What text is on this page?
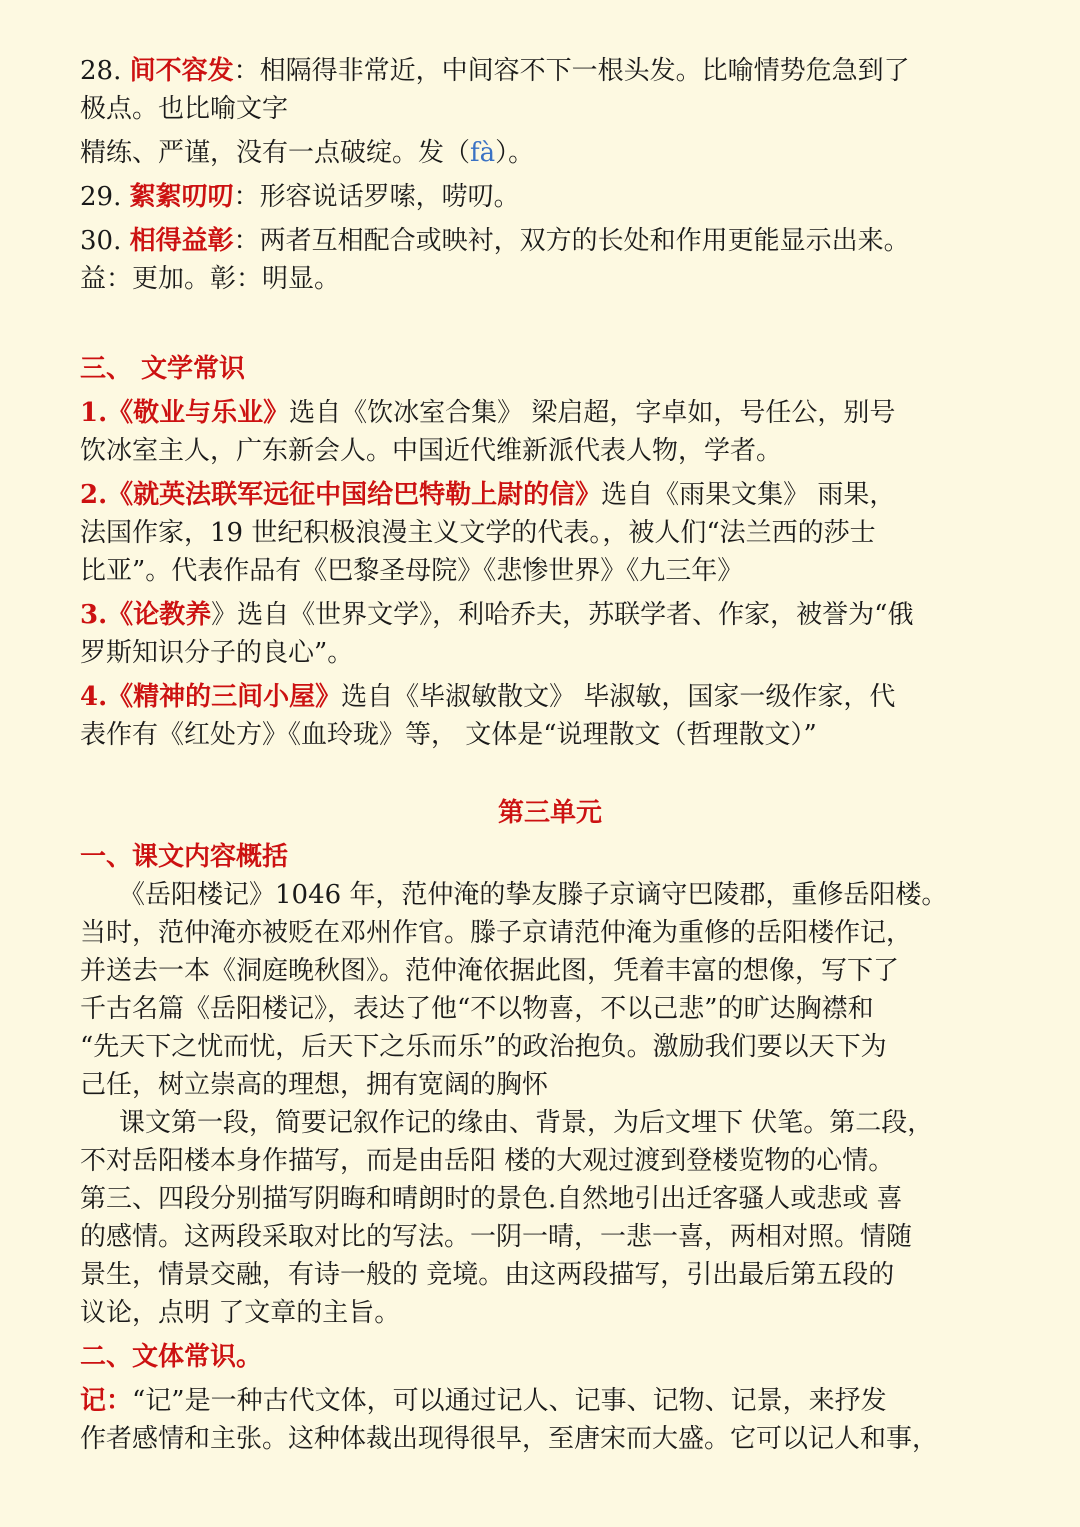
28. 间不容发：相隔得非常近，中间容不下一根头发。比喻情势危急到了
极点。也比喻文字
精练、严谨，没有一点破绽。发（fà）。
29. 絮絮叨叨：形容说话罗嗦，唠叨。
30. 相得益彰：两者互相配合或映衬，双方的长处和作用更能显示出来。
益：更加。彰：明显。
三、 文学常识
1.《敬业与乐业》选自《饮冰室合集》 梁启超，字卓如，号任公，别号
饮冰室主人，广东新会人。中国近代维新派代表人物，学者。
2.《就英法联军远征中国给巴特勒上尉的信》选自《雨果文集》 雨果，
法国作家，19 世纪积极浪漫主义文学的代表。，被人们“法兰西的莎士
比亚”。代表作品有《巴黎圣母院》《悲惨世界》《九三年》
3.《论教养》选自《世界文学》，利哈乔夫，苏联学者、作家，被誉为“俄
罗斯知识分子的良心”。
4.《精神的三间小屋》选自《毕淑敏散文》 毕淑敏，国家一级作家，代
表作有《红处方》《血玲珑》等， 文体是“说理散文（哲理散文）”
第三单元
一、课文内容概括
《岳阳楼记》1046 年，范仲淹的挚友滕子京谪守巴陵郡，重修岳阳楼。
当时，范仲淹亦被贬在邓州作官。滕子京请范仲淹为重修的岳阳楼作记，
并送去一本《洞庭晚秋图》。范仲淹依据此图，凭着丰富的想像，写下了
千古名篇《岳阳楼记》，表达了他“不以物喜，不以己悲”的旷达胸襟和
“先天下之忧而忧，后天下之乐而乐”的政治抱负。激励我们要以天下为
己任，树立崇高的理想，拥有宽阔的胸怀
课文第一段，简要记叙作记的缘由、背景，为后文埋下 伏笔。第二段，
不对岳阳楼本身作描写，而是由岳阳 楼的大观过渡到登楼览物的心情。
第三、四段分别描写阴晦和晴朗时的景色.自然地引出迁客骚人或悲或 喜
的感情。这两段采取对比的写法。一阴一晴，一悲一喜，两相对照。情随
景生，情景交融，有诗一般的 竞境。由这两段描写，引出最后第五段的
议论，点明 了文章的主旨。
二、文体常识。
记：“记”是一种古代文体，可以通过记人、记事、记物、记景，来抒发
作者感情和主张。这种体裁出现得很早，至唐宋而大盛。它可以记人和事，
